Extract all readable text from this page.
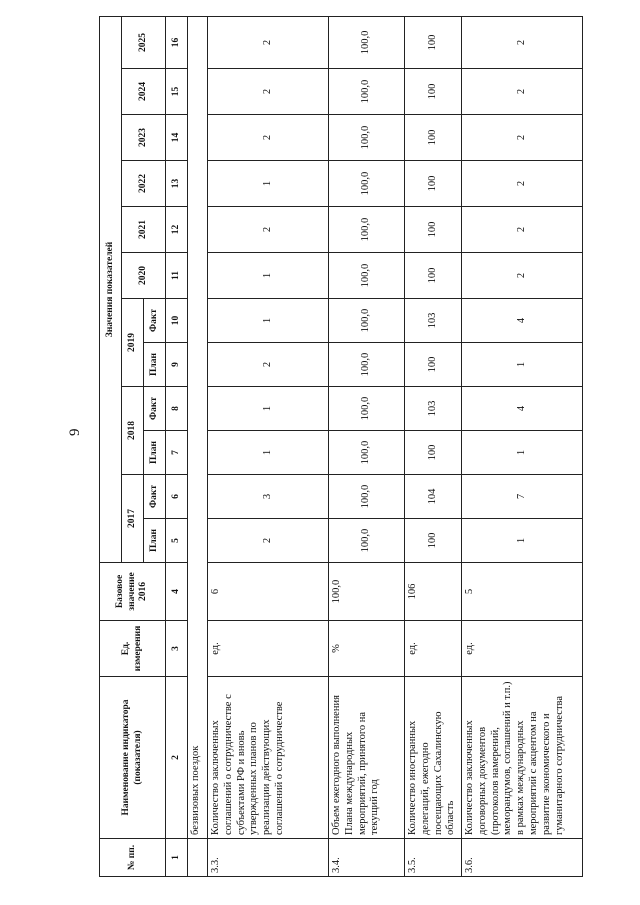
9
№ пп.	Наименование индикатора (показателя)	Ед. измерения	Базовое значение 2016	Значения показателей											
				2017		2018		2019		2020	2021	2022	2023	2024	2025
				План	Факт	План	Факт	План	Факт						
1	2	3	4	5	6	7	8	9	10	11	12	13	14	15	16
	безвизовых поездок														
3.3.	Количество заключенных соглашений о сотрудничестве с субъектами РФ и вновь утвержденных планов по реализации действующих соглашений о сотрудничестве	ед.	6	2	3	1	1	2	1	1	2	1	2	2	2
3.4.	Объем ежегодного выполнения Плана международных мероприятий, принятого на текущий год	%	100,0	100,0	100,0	100,0	100,0	100,0	100,0	100,0	100,0	100,0	100,0	100,0	100,0
3.5.	Количество иностранных делегаций, ежегодно посещающих Сахалинскую область	ед.	106	100	104	100	103	100	103	100	100	100	100	100	100
3.6.	Количество заключенных договорных документов (протоколов намерений, меморандумов, соглашений и т.п.) в рамках международных мероприятий с акцентом на развитие экономического и гуманитарного сотрудничества	ед.	5	1	7	1	4	1	4	2	2	2	2	2	2
